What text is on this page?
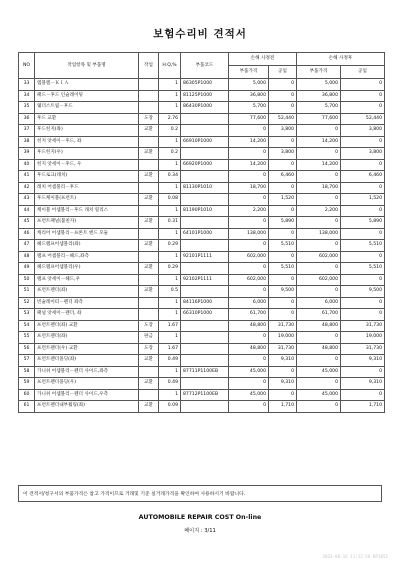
보험수리비 견적서
NO	작업항목 및 부품명	작업	H.Q,%	부품코드	손해 사정전		손해 사정후	
					부품가격	공임	부품가격	공임
33	엠블렘－ＫＩＡ		1	86305P1000	5,000	0	5,000	0
34	패드－후드 인슐레이팅		1	81125P1000	36,800	0	36,800	0
35	웨더스트립－후드		1	86430P1000	5,700	0	5,700	0
36	후드 교환	도장	2.76		77,600	52,440	77,600	52,440
37	후드힌지(좌)	교환	0.2		0	3,800	0	3,800
38	힌지 앗세이－후드, 좌		1	66910P1000	14,200	0	14,200	0
39	후드힌지(우)	교환	0.2		0	3,800	0	3,800
40	힌지 앗세이－후드, 우		1	66920P1000	14,200	0	14,200	0
41	후드로크(래치)	교환	0.34		0	6,460	0	6,460
42	래치 어셈블리－후드		1	81130P1010	18,700	0	18,700	0
43	후드케이블(프런트)	교환	0.08		0	1,520	0	1,520
44	케이블 어셈블리－후드 래치 릴리스		1	81190P1010	2,200	0	2,200	0
45	프런트패널(불친자)	교환	0.31		0	5,890	0	5,890
46	캐리어 어셈블리－프론트 엔드 모듈		1	64101P1000	138,000	0	138,000	0
47	헤드램프어셈블리(좌)	교환	0.29		0	5,510	0	5,510
48	램프 어셈블리－헤드,좌측		1	92101P1111	602,000	0	602,000	0
49	헤드램프어셈블리(우)	교환	0.29		0	5,510	0	5,510
50	램프 앗세이－헤드,우		1	92102P1111	602,000	0	602,000	0
51	프런트펜더(좌)	교환	0.5		0	9,500	0	9,500
52	빈슐레이터－펜더 좌측		1	84116P1000	6,000	0	6,000	0
53	패널 앗세이－펜더, 좌		1	66310P1000	61,700	0	61,700	0
54	프런트펜더(좌) 교환	도장	1.67		48,800	31,730	48,800	31,730
55	프런트펜더(좌)	판금	1		0	19,000	0	19,000
56	프런트펜더(우) 교환	도장	1.67		48,800	31,730	48,800	31,730
57	프런트펜더몰딩(좌)	교환	0.49		0	9,310	0	9,310
58	가니쉬 어셈블리－펜더 사이드,좌측		1	87711P1100EB	45,000	0	45,000	0
59	프런트펜더몰딩(우)	교환	0.49		0	9,310	0	9,310
60	가니쉬 어셈블리－펜더 사이드,우측		1	87712P1100EB	45,000	0	45,000	0
61	프런트펜더내부휠링(좌)	교환	0.09		0	1,710	0	1,710
이 견적서/청구서의 부품가격은 참고 가격이므로 거래및 기준 실거래가격을 확인하여 사용하시기 바랍니다.
AUTOMOBILE REPAIR COST On-line
페이지 : 3/11
2024-00-16 11:12:56 KP1051
